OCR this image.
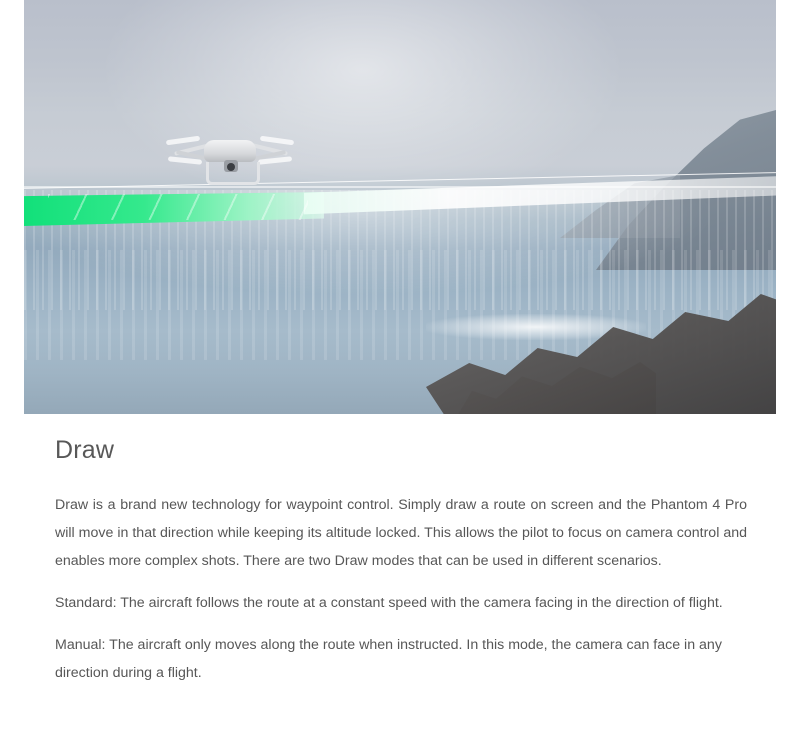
Draw

Draw is a brand new technology for waypoint control. Simply draw a route on screen and the Phantom 4 Pro will move in that direction while keeping its altitude locked. This allows the pilot to focus on camera control and enables more complex shots. There are two Draw modes that can be used in different scenarios.

Standard: The aircraft follows the route at a constant speed with the camera facing in the direction of flight.

Manual: The aircraft only moves along the route when instructed. In this mode, the camera can face in any direction during a flight.
